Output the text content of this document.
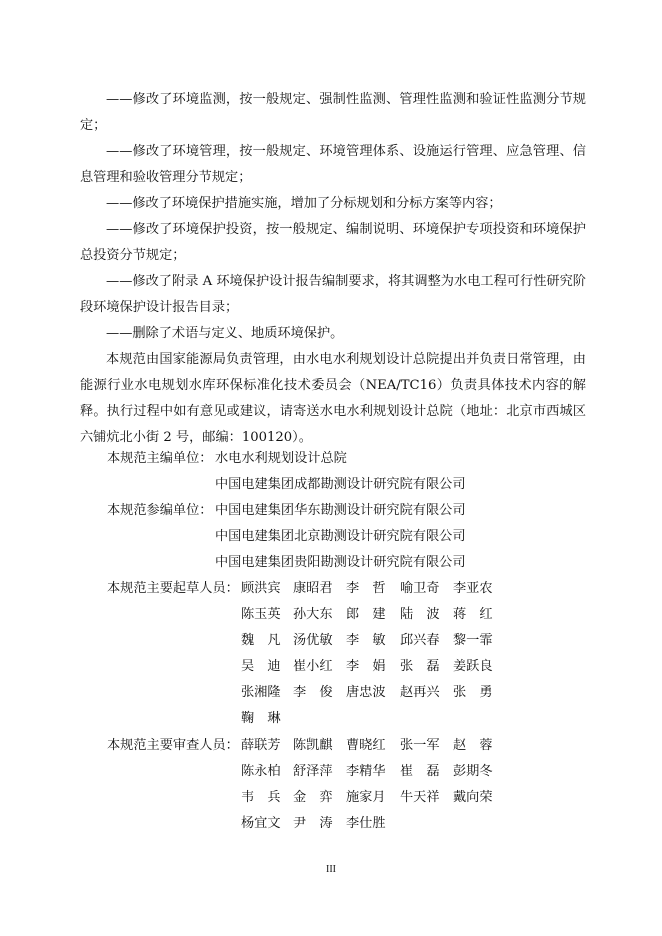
——修改了环境监测，按一般规定、强制性监测、管理性监测和验证性监测分节规定；

——修改了环境管理，按一般规定、环境管理体系、设施运行管理、应急管理、信息管理和验收管理分节规定；

——修改了环境保护措施实施，增加了分标规划和分标方案等内容；

——修改了环境保护投资，按一般规定、编制说明、环境保护专项投资和环境保护总投资分节规定；

——修改了附录 A 环境保护设计报告编制要求，将其调整为水电工程可行性研究阶段环境保护设计报告目录；

——删除了术语与定义、地质环境保护。

本规范由国家能源局负责管理，由水电水利规划设计总院提出并负责日常管理，由能源行业水电规划水库环保标准化技术委员会（NEA/TC16）负责具体技术内容的解释。执行过程中如有意见或建议，请寄送水电水利规划设计总院（地址：北京市西城区六铺炕北小街 2 号，邮编：100120）。

本规范主编单位： 水电水利规划设计总院
中国电建集团成都勘测设计研究院有限公司
本规范参编单位： 中国电建集团华东勘测设计研究院有限公司
中国电建集团北京勘测设计研究院有限公司
中国电建集团贵阳勘测设计研究院有限公司
本规范主要起草人员： 顾洪宾 康昭君 李　哲 喻卫奇 李亚农
陈玉英 孙大东 郎　建 陆　波 蒋　红
魏　凡 汤优敏 李　敏 邱兴春 黎一霏
吴　迪 崔小红 李　娟 张　磊 姜跃良
张湘隆 李　俊 唐忠波 赵再兴 张　勇
鞠　琳
本规范主要审查人员： 薛联芳 陈凯麒 曹晓红 张一军 赵　蓉
陈永柏 舒泽萍 李精华 崔　磊 彭期冬
韦　兵 金　弈 施家月 牛天祥 戴向荣
杨宜文 尹　涛 李仕胜
III
